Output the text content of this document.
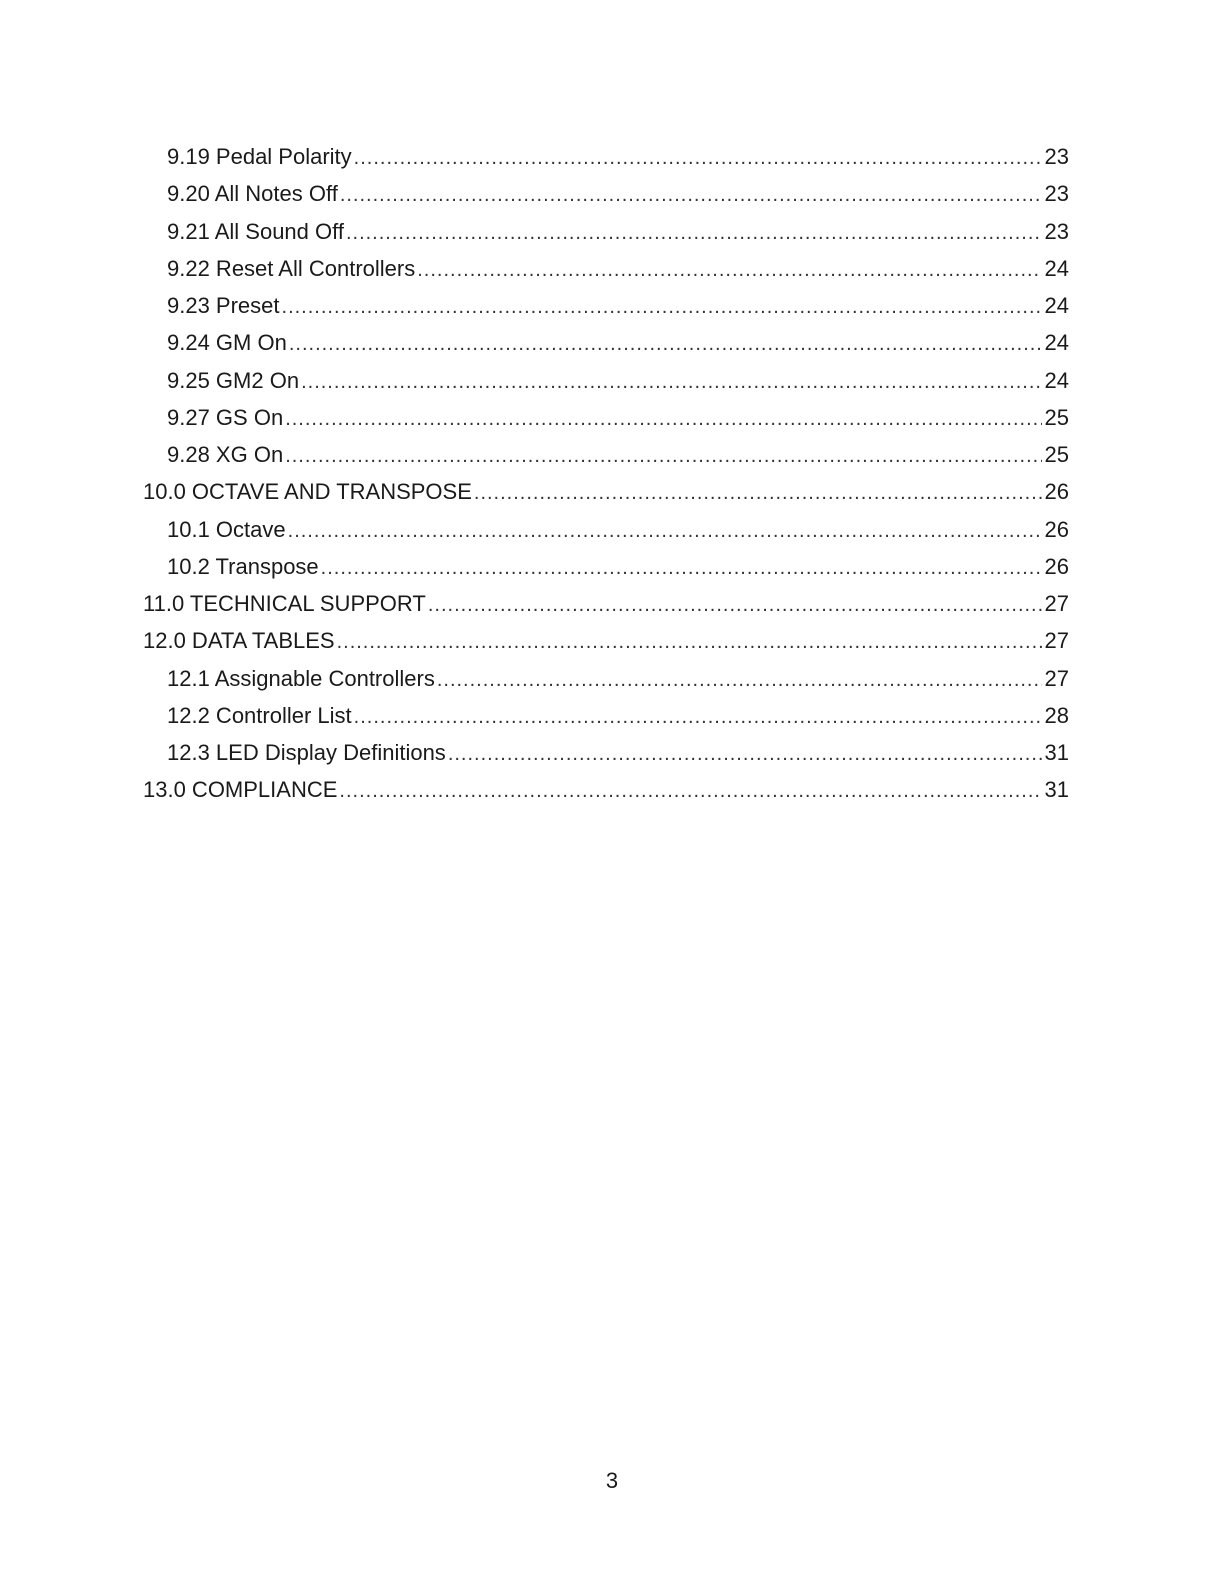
9.19 Pedal Polarity .....	23
9.20 All Notes Off .....	23
9.21 All Sound Off .....	23
9.22 Reset All Controllers .....	24
9.23 Preset .....	24
9.24 GM On .....	24
9.25 GM2 On .....	24
9.27 GS On .....	25
9.28 XG On .....	25
10.0 OCTAVE AND TRANSPOSE .....	26
10.1 Octave .....	26
10.2 Transpose .....	26
11.0 TECHNICAL SUPPORT .....	27
12.0 DATA TABLES .....	27
12.1 Assignable Controllers .....	27
12.2 Controller List .....	28
12.3 LED Display Definitions .....	31
13.0 COMPLIANCE .....	31
3
